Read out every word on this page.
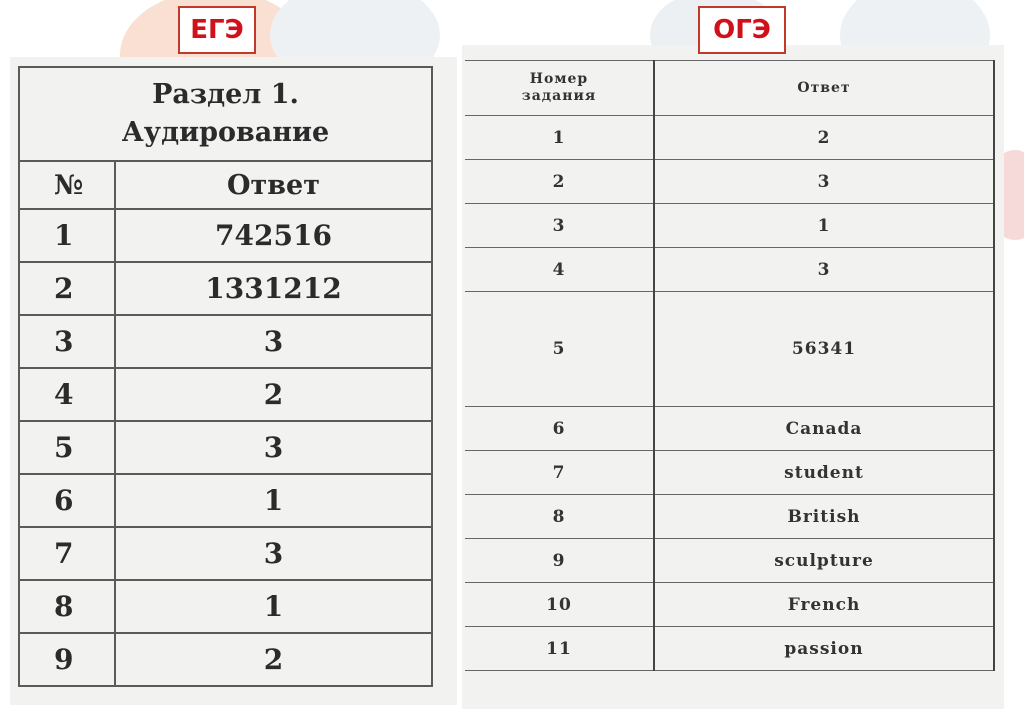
ЕГЭ	ОГЭ
Раздел 1.
Аудирование	

№	Ответ
1	742516
2	1331212
3	3
4	2
5	3
6	1
7	3
8	1
9	2
Номер
задания	Ответ
1	2
2	3
3	1
4	3
5	56341
6	Canada
7	student
8	British
9	sculpture
10	French
11	passion
